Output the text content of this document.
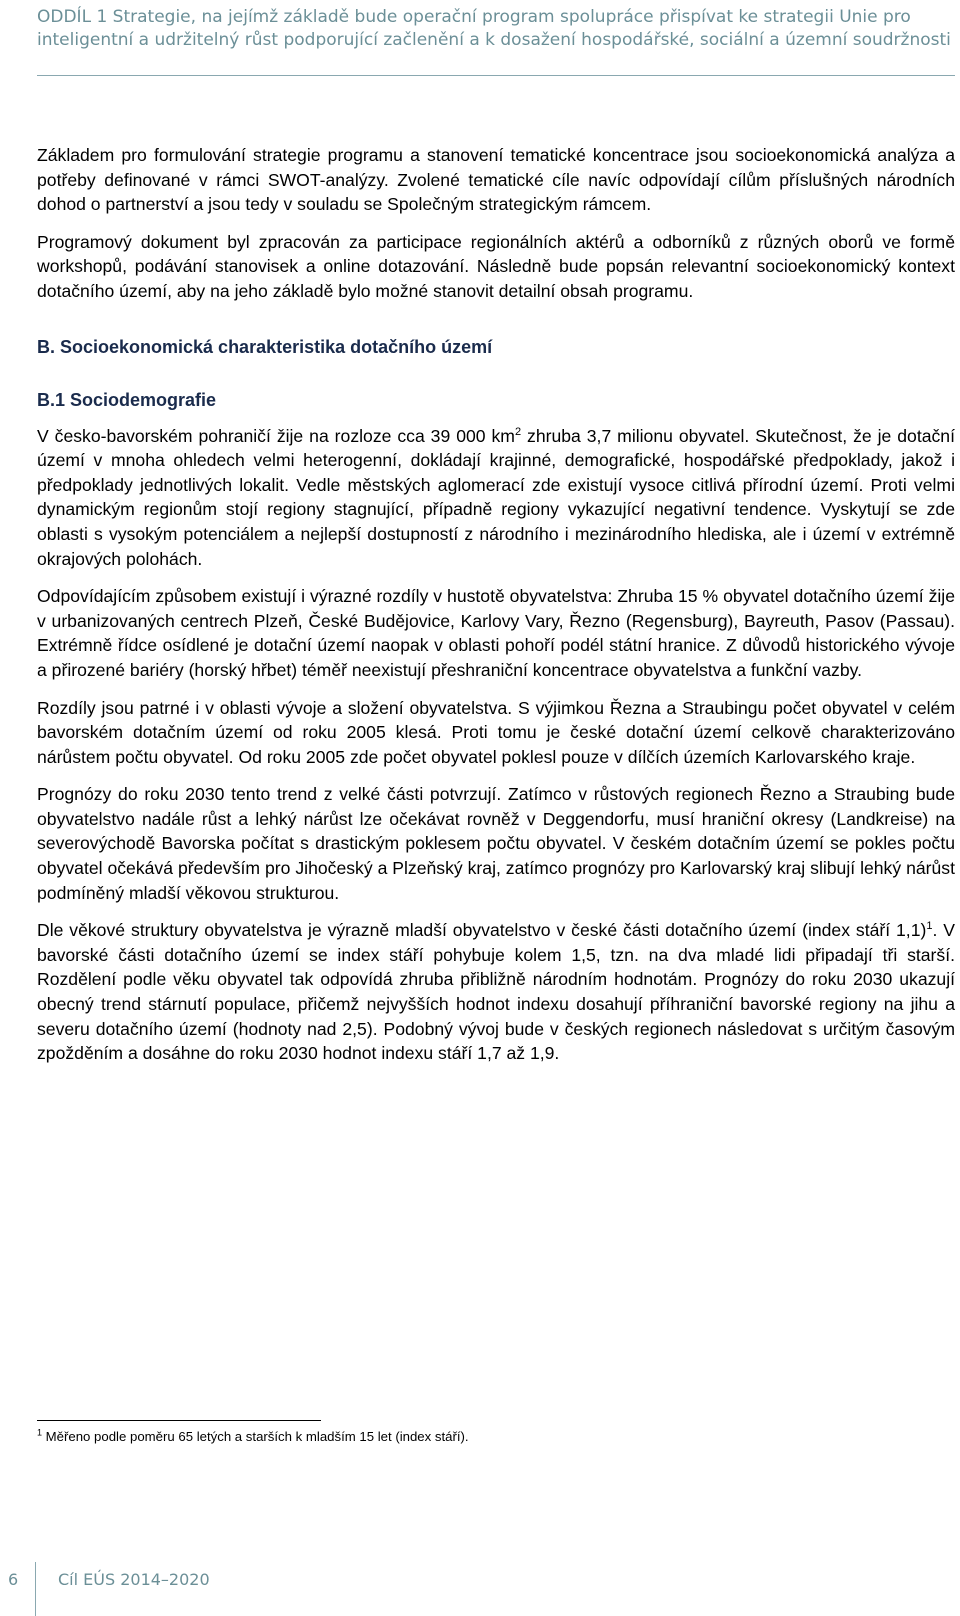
ODDÍL 1 Strategie, na jejímž základě bude operační program spolupráce přispívat ke strategii Unie pro inteligentní a udržitelný růst podporující začlenění a k dosažení hospodářské, sociální a územní soudržnosti

Základem pro formulování strategie programu a stanovení tematické koncentrace jsou socioekonomická analýza a potřeby definované v rámci SWOT-analýzy. Zvolené tematické cíle navíc odpovídají cílům příslušných národních dohod o partnerství a jsou tedy v souladu se Společným strategickým rámcem.

Programový dokument byl zpracován za participace regionálních aktérů a odborníků z různých oborů ve formě workshopů, podávání stanovisek a online dotazování. Následně bude popsán relevantní socioekonomický kontext dotačního území, aby na jeho základě bylo možné stanovit detailní obsah programu.

B. Socioekonomická charakteristika dotačního území
B.1 Sociodemografie

V česko-bavorském pohraničí žije na rozloze cca 39 000 $km^2$ zhruba 3,7 milionu obyvatel. Skutečnost, že je dotační území v mnoha ohledech velmi heterogenní, dokládají krajinné, demografické, hospodářské předpoklady, jakož i předpoklady jednotlivých lokalit. Vedle městských aglomerací zde existují vysoce citlivá přírodní území. Proti velmi dynamickým regionům stojí regiony stagnující, případně regiony vykazující negativní tendence. Vyskytují se zde oblasti s vysokým potenciálem a nejlepší dostupností z národního i mezinárodního hlediska, ale i území v extrémně okrajových polohách.

Odpovídajícím způsobem existují i výrazné rozdíly v hustotě obyvatelstva: Zhruba 15 % obyvatel dotačního území žije v urbanizovaných centrech Plzeň, České Budějovice, Karlovy Vary, Řezno (Regensburg), Bayreuth, Pasov (Passau). Extrémně řídce osídlené je dotační území naopak v oblasti pohoří podél státní hranice. Z důvodů historického vývoje a přirozené bariéry (horský hřbet) téměř neexistují přeshraniční koncentrace obyvatelstva a funkční vazby.

Rozdíly jsou patrné i v oblasti vývoje a složení obyvatelstva. S výjimkou Řezna a Straubingu počet obyvatel v celém bavorském dotačním území od roku 2005 klesá. Proti tomu je české dotační území celkově charakterizováno nárůstem počtu obyvatel. Od roku 2005 zde počet obyvatel poklesl pouze v dílčích územích Karlovarského kraje.

Prognózy do roku 2030 tento trend z velké části potvrzují. Zatímco v růstových regionech Řezno a Straubing bude obyvatelstvo nadále růst a lehký nárůst lze očekávat rovněž v Deggendorfu, musí hraniční okresy (Landkreise) na severovýchodě Bavorska počítat s drastickým poklesem počtu obyvatel. V českém dotačním území se pokles počtu obyvatel očekává především pro Jihočeský a Plzeňský kraj, zatímco prognózy pro Karlovarský kraj slibují lehký nárůst podmíněný mladší věkovou strukturou.

Dle věkové struktury obyvatelstva je výrazně mladší obyvatelstvo v české části dotačního území (index stáří 1,1)$^1$. V bavorské části dotačního území se index stáří pohybuje kolem 1,5, tzn. na dva mladé lidi připadají tři starší. Rozdělení podle věku obyvatel tak odpovídá zhruba přibližně národním hodnotám. Prognózy do roku 2030 ukazují obecný trend stárnutí populace, přičemž nejvyšších hodnot indexu dosahují příhraniční bavorské regiony na jihu a severu dotačního území (hodnoty nad 2,5). Podobný vývoj bude v českých regionech následovat s určitým časovým zpožděním a dosáhne do roku 2030 hodnot indexu stáří 1,7 až 1,9.

$^1$ Měřeno podle poměru 65 letých a starších k mladším 15 let (index stáří).
6 Cíl EÚS 2014–2020
